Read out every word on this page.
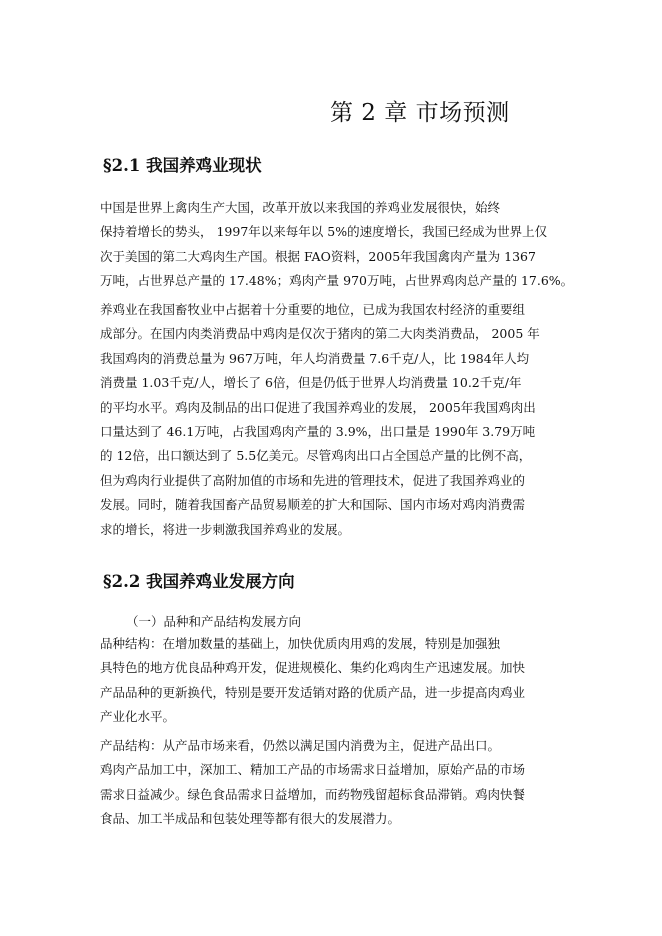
第 2 章 市场预测
§2.1 我国养鸡业现状
中国是世界上禽肉生产大国，改革开放以来我国的养鸡业发展很快，始终
保持着增长的势头， 1997年以来每年以 5%的速度增长，我国已经成为世界上仅
次于美国的第二大鸡肉生产国。根据 FAO资料，2005年我国禽肉产量为 1367
万吨，占世界总产量的 17.48%；鸡肉产量 970万吨，占世界鸡肉总产量的 17.6%。
养鸡业在我国畜牧业中占据着十分重要的地位，已成为我国农村经济的重要组
成部分。在国内肉类消费品中鸡肉是仅次于猪肉的第二大肉类消费品， 2005 年
我国鸡肉的消费总量为 967万吨，年人均消费量 7.6千克/人，比 1984年人均
消费量 1.03千克/人，增长了 6倍，但是仍低于世界人均消费量 10.2千克/年
的平均水平。鸡肉及制品的出口促进了我国养鸡业的发展， 2005年我国鸡肉出
口量达到了 46.1万吨，占我国鸡肉产量的 3.9%，出口量是 1990年 3.79万吨
的 12倍，出口额达到了 5.5亿美元。尽管鸡肉出口占全国总产量的比例不高，
但为鸡肉行业提供了高附加值的市场和先进的管理技术，促进了我国养鸡业的
发展。同时，随着我国畜产品贸易顺差的扩大和国际、国内市场对鸡肉消费需
求的增长，将进一步刺激我国养鸡业的发展。
§2.2 我国养鸡业发展方向
（一）品种和产品结构发展方向
品种结构：在增加数量的基础上，加快优质肉用鸡的发展，特别是加强独
具特色的地方优良品种鸡开发，促进规模化、集约化鸡肉生产迅速发展。加快
产品品种的更新换代，特别是要开发适销对路的优质产品，进一步提高肉鸡业
产业化水平。
产品结构：从产品市场来看，仍然以满足国内消费为主，促进产品出口。
鸡肉产品加工中，深加工、精加工产品的市场需求日益增加，原始产品的市场
需求日益减少。绿色食品需求日益增加，而药物残留超标食品滞销。鸡肉快餐
食品、加工半成品和包装处理等都有很大的发展潜力。
